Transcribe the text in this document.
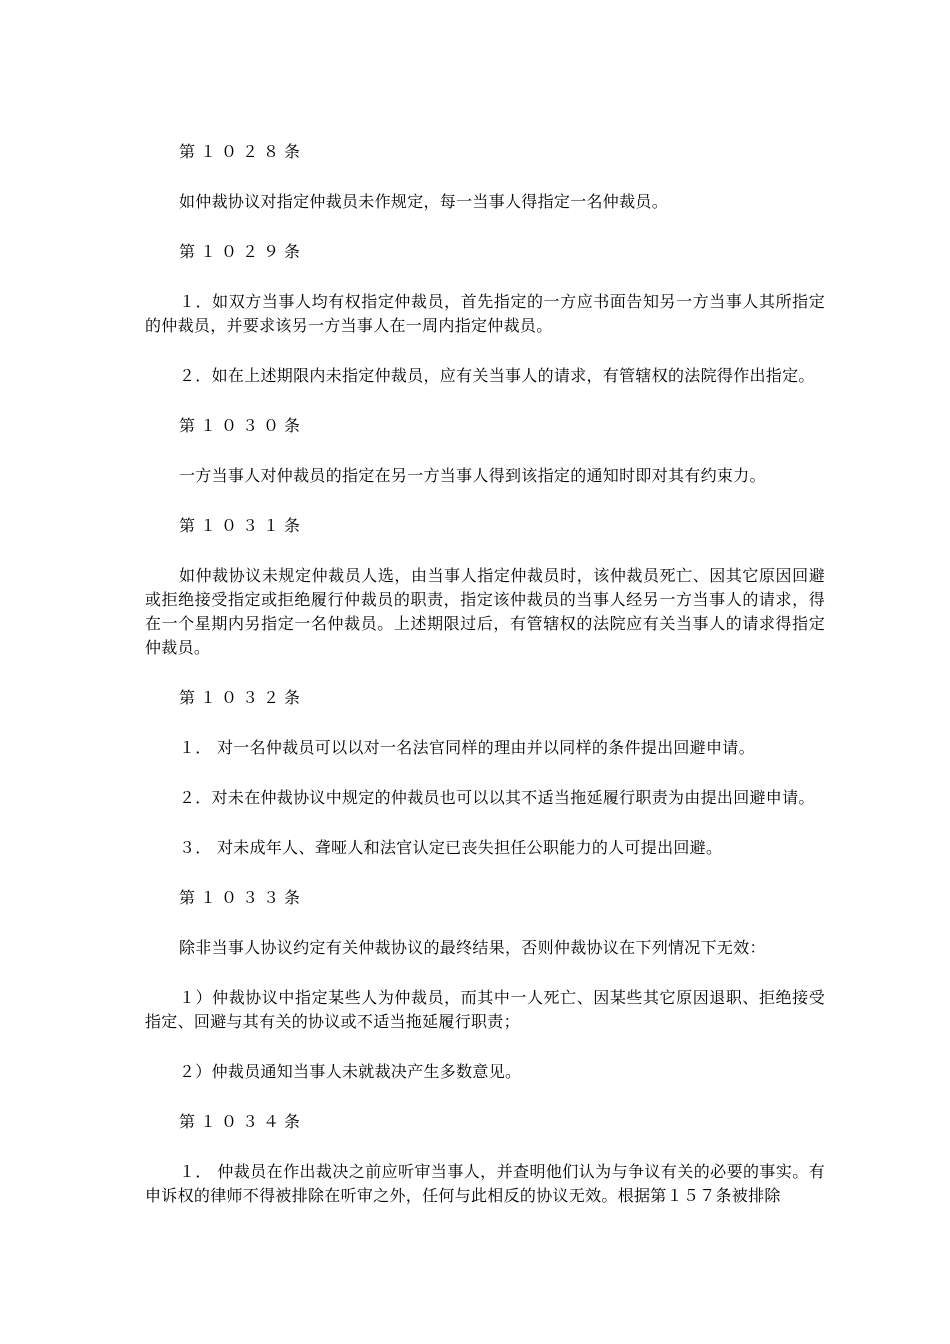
第１０２８条

如仲裁协议对指定仲裁员未作规定，每一当事人得指定一名仲裁员。

第１０２９条

１．如双方当事人均有权指定仲裁员，首先指定的一方应书面告知另一方当事人其所指定的仲裁员，并要求该另一方当事人在一周内指定仲裁员。

２．如在上述期限内未指定仲裁员，应有关当事人的请求，有管辖权的法院得作出指定。

第１０３０条

一方当事人对仲裁员的指定在另一方当事人得到该指定的通知时即对其有约束力。

第１０３１条

如仲裁协议未规定仲裁员人选，由当事人指定仲裁员时，该仲裁员死亡、因其它原因回避或拒绝接受指定或拒绝履行仲裁员的职责，指定该仲裁员的当事人经另一方当事人的请求，得在一个星期内另指定一名仲裁员。上述期限过后，有管辖权的法院应有关当事人的请求得指定仲裁员。

第１０３２条

１． 对一名仲裁员可以以对一名法官同样的理由并以同样的条件提出回避申请。

２．对未在仲裁协议中规定的仲裁员也可以以其不适当拖延履行职责为由提出回避申请。

３． 对未成年人、聋哑人和法官认定已丧失担任公职能力的人可提出回避。

第１０３３条

除非当事人协议约定有关仲裁协议的最终结果，否则仲裁协议在下列情况下无效：

１）仲裁协议中指定某些人为仲裁员，而其中一人死亡、因某些其它原因退职、拒绝接受指定、回避与其有关的协议或不适当拖延履行职责；

２）仲裁员通知当事人未就裁决产生多数意见。

第１０３４条

１． 仲裁员在作出裁决之前应听审当事人，并查明他们认为与争议有关的必要的事实。有申诉权的律师不得被排除在听审之外，任何与此相反的协议无效。根据第１５７条被排除
